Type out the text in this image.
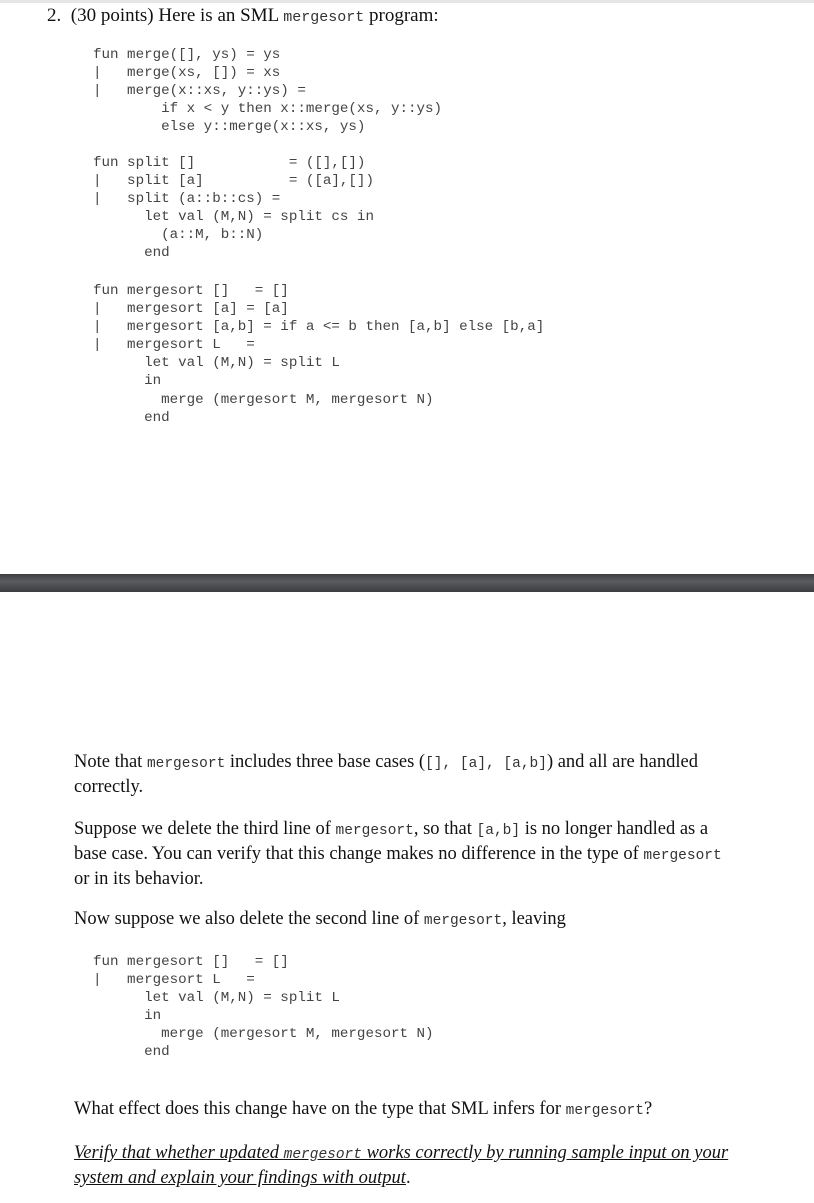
2. (30 points) Here is an SML mergesort program:
fun merge([], ys) = ys
|   merge(xs, []) = xs
|   merge(x::xs, y::ys) =
if x < y then x::merge(xs, y::ys)
else y::merge(x::xs, ys)
fun split []           = ([],[])
|   split [a]          = ([a],[])
|   split (a::b::cs) =
let val (M,N) = split cs in
(a::M, b::N)
end
fun mergesort []   = []
|   mergesort [a] = [a]
|   mergesort [a,b] = if a <= b then [a,b] else [b,a]
|   mergesort L   =
let val (M,N) = split L
in
merge (mergesort M, mergesort N)
end
Note that mergesort includes three base cases ([], [a], [a,b]) and all are handled correctly.
Suppose we delete the third line of mergesort, so that [a,b] is no longer handled as a base case. You can verify that this change makes no difference in the type of mergesort or in its behavior.
Now suppose we also delete the second line of mergesort, leaving
fun mergesort []   = []
|   mergesort L   =
let val (M,N) = split L
in
merge (mergesort M, mergesort N)
end
What effect does this change have on the type that SML infers for mergesort?
Verify that whether updated mergesort works correctly by running sample input on your system and explain your findings with output.
